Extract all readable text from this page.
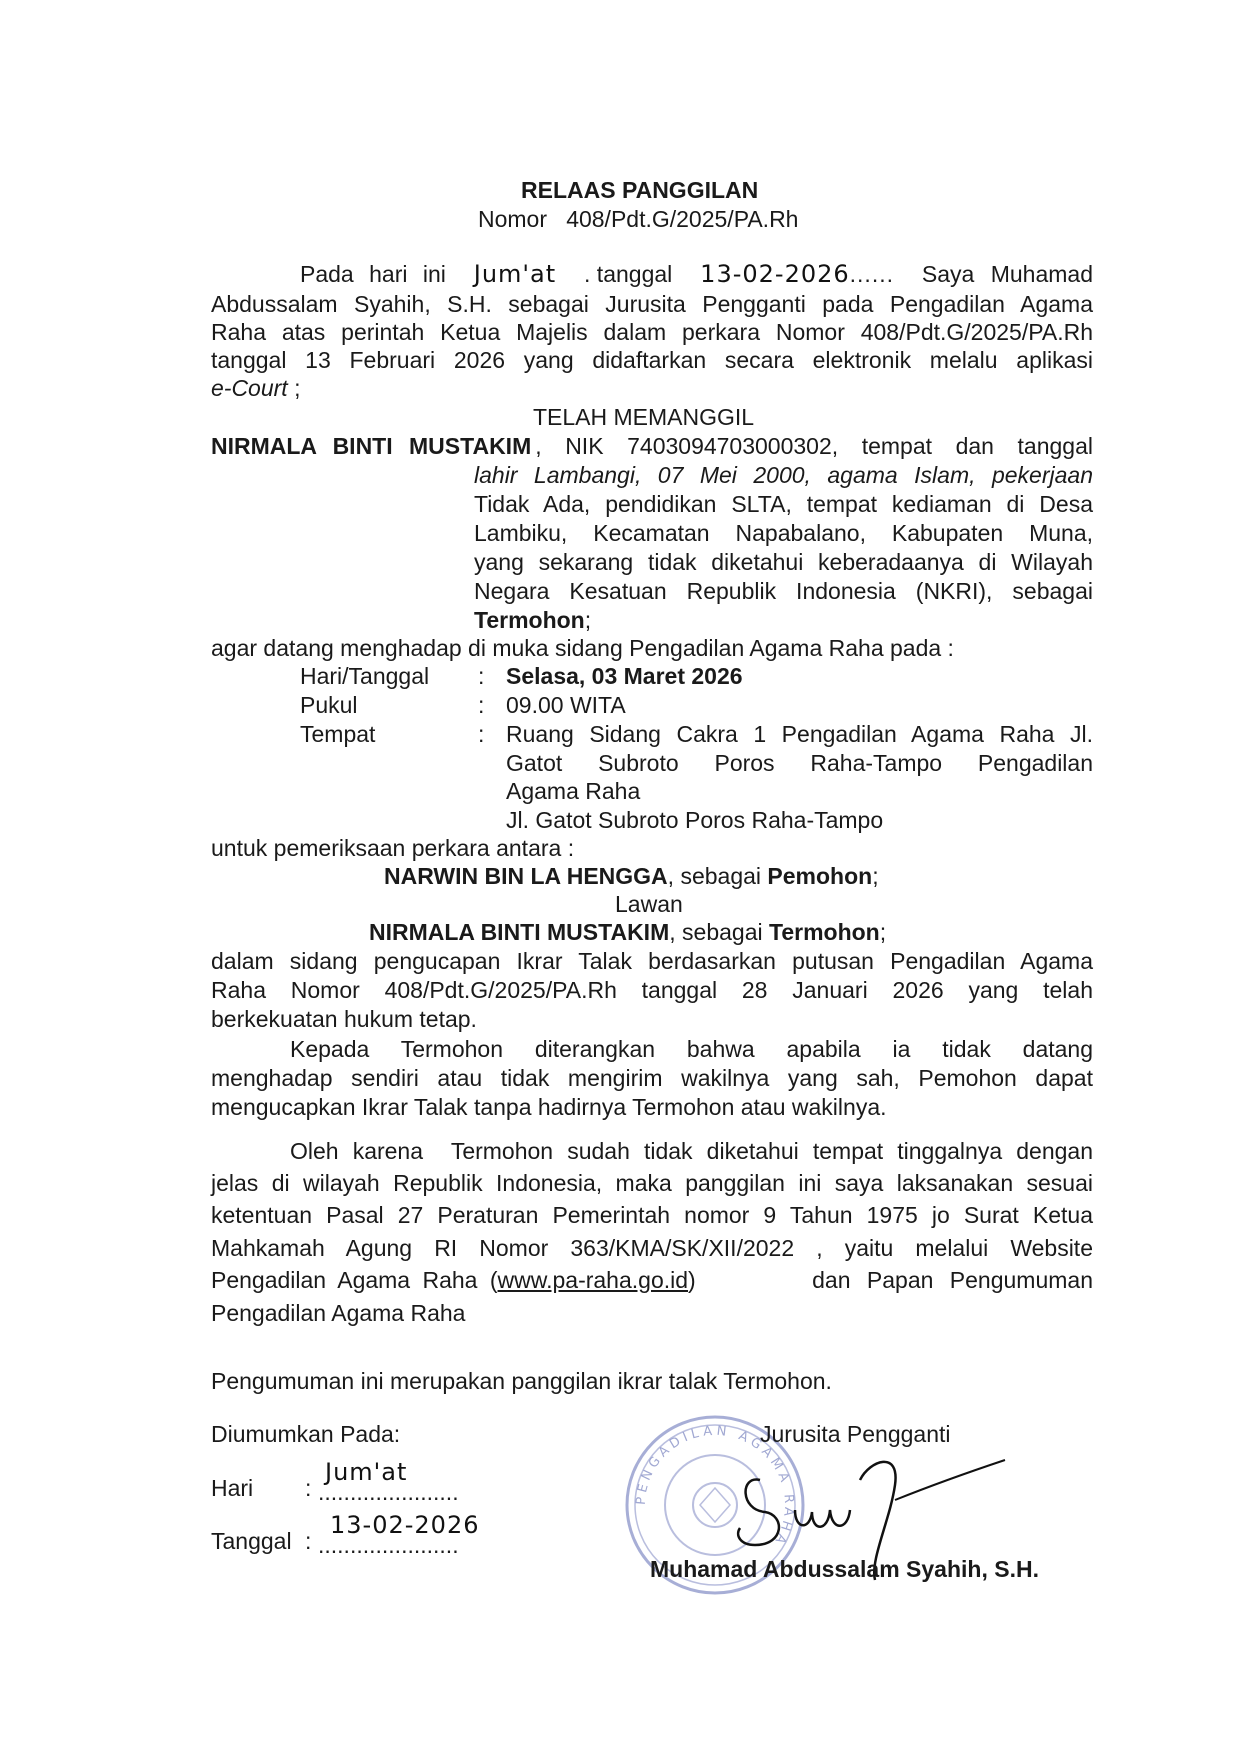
RELAAS PANGGILAN
Nomor 408/Pdt.G/2025/PA.Rh
Pada hari ini Jum'at . tanggal 13-02-2026...... Saya Muhamad
Abdussalam Syahih, S.H. sebagai Jurusita Pengganti pada Pengadilan Agama
Raha atas perintah Ketua Majelis dalam perkara Nomor 408/Pdt.G/2025/PA.Rh
tanggal 13 Februari 2026 yang didaftarkan secara elektronik melalu aplikasi
e-Court ;
TELAH MEMANGGIL
NIRMALA BINTI MUSTAKIM , NIK 7403094703000302, tempat dan tanggal
lahir Lambangi, 07 Mei 2000, agama Islam, pekerjaan
Tidak Ada, pendidikan SLTA, tempat kediaman di Desa
Lambiku, Kecamatan Napabalano, Kabupaten Muna,
yang sekarang tidak diketahui keberadaanya di Wilayah
Negara Kesatuan Republik Indonesia (NKRI), sebagai
Termohon;
agar datang menghadap di muka sidang Pengadilan Agama Raha pada :
Hari/Tanggal : Selasa, 03 Maret 2026
Pukul	: 09.00 WITA
Tempat	: Ruang Sidang Cakra 1 Pengadilan Agama Raha Jl.
Gatot Subroto Poros Raha-Tampo Pengadilan
Agama Raha
Jl. Gatot Subroto Poros Raha-Tampo
untuk pemeriksaan perkara antara :
NARWIN BIN LA HENGGA, sebagai Pemohon;
Lawan
NIRMALA BINTI MUSTAKIM, sebagai Termohon;
dalam sidang pengucapan Ikrar Talak berdasarkan putusan Pengadilan Agama
Raha Nomor 408/Pdt.G/2025/PA.Rh tanggal 28 Januari 2026 yang telah
berkekuatan hukum tetap.
Kepada Termohon diterangkan bahwa apabila ia tidak datang
menghadap sendiri atau tidak mengirim wakilnya yang sah, Pemohon dapat
mengucapkan Ikrar Talak tanpa hadirnya Termohon atau wakilnya.
Oleh karena  Termohon sudah tidak diketahui tempat tinggalnya dengan
jelas di wilayah Republik Indonesia, maka panggilan ini saya laksanakan sesuai
ketentuan Pasal 27 Peraturan Pemerintah nomor 9 Tahun 1975 jo Surat Ketua
Mahkamah Agung RI Nomor 363/KMA/SK/XII/2022 , yaitu melalui Website
Pengadilan Agama Raha (www.pa-raha.go.id)	dan Papan Pengumuman
Pengadilan Agama Raha
Pengumuman ini merupakan panggilan ikrar talak Termohon.
Diumumkan Pada:
Hari : ......................
Jum'at
Tanggal : ......................
13-02-2026
PENGADILAN AGAMA RAHA
Jurusita Pengganti
Muhamad Abdussalam Syahih, S.H.
